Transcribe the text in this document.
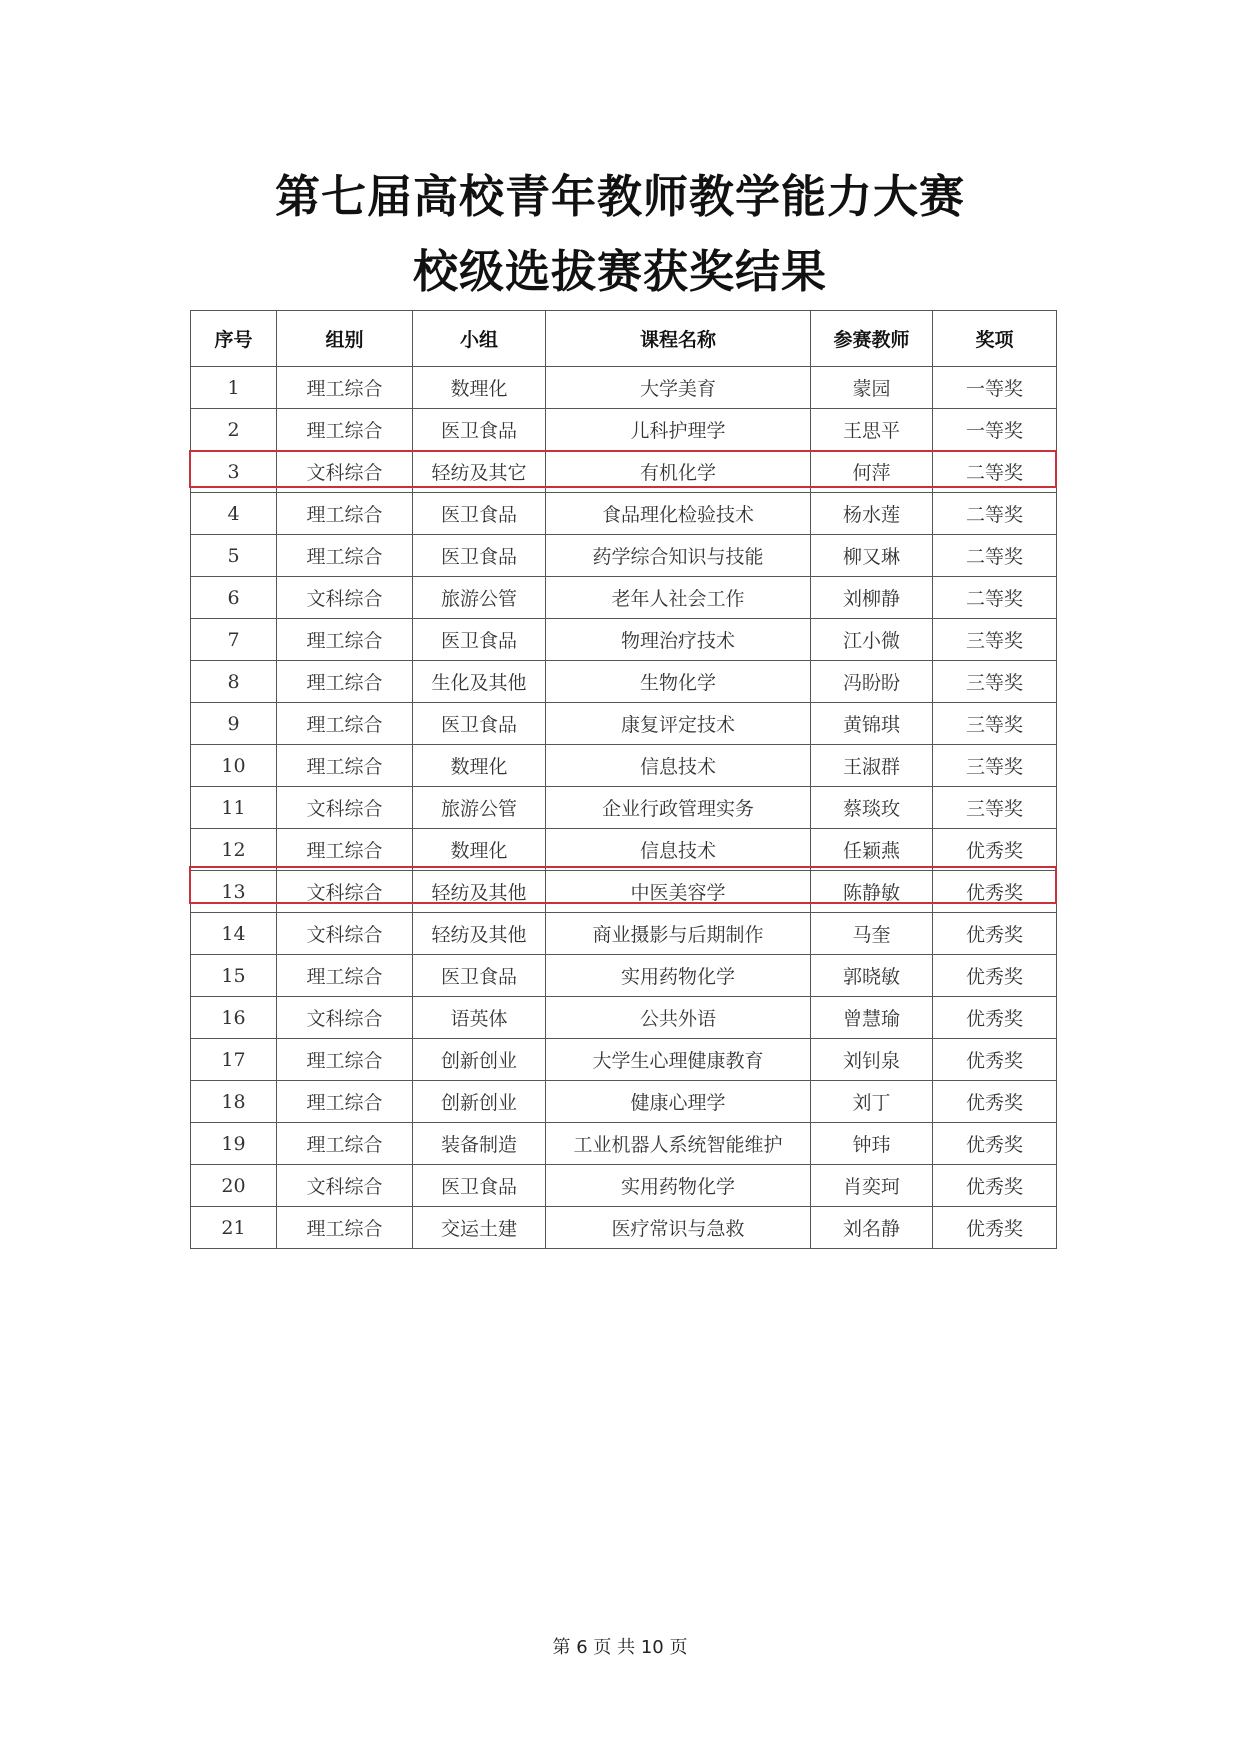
第七届高校青年教师教学能力大赛
校级选拔赛获奖结果
序号	组别	小组	课程名称	参赛教师	奖项
1	理工综合	数理化	大学美育	蒙园	一等奖
2	理工综合	医卫食品	儿科护理学	王思平	一等奖
3	文科综合	轻纺及其它	有机化学	何萍	二等奖
4	理工综合	医卫食品	食品理化检验技术	杨水莲	二等奖
5	理工综合	医卫食品	药学综合知识与技能	柳又琳	二等奖
6	文科综合	旅游公管	老年人社会工作	刘柳静	二等奖
7	理工综合	医卫食品	物理治疗技术	江小微	三等奖
8	理工综合	生化及其他	生物化学	冯盼盼	三等奖
9	理工综合	医卫食品	康复评定技术	黄锦琪	三等奖
10	理工综合	数理化	信息技术	王淑群	三等奖
11	文科综合	旅游公管	企业行政管理实务	蔡琰玫	三等奖
12	理工综合	数理化	信息技术	任颖燕	优秀奖
13	文科综合	轻纺及其他	中医美容学	陈静敏	优秀奖
14	文科综合	轻纺及其他	商业摄影与后期制作	马奎	优秀奖
15	理工综合	医卫食品	实用药物化学	郭晓敏	优秀奖
16	文科综合	语英体	公共外语	曾慧瑜	优秀奖
17	理工综合	创新创业	大学生心理健康教育	刘钊泉	优秀奖
18	理工综合	创新创业	健康心理学	刘丁	优秀奖
19	理工综合	装备制造	工业机器人系统智能维护	钟玮	优秀奖
20	文科综合	医卫食品	实用药物化学	肖奕珂	优秀奖
21	理工综合	交运土建	医疗常识与急救	刘名静	优秀奖
第 6 页 共 10 页
